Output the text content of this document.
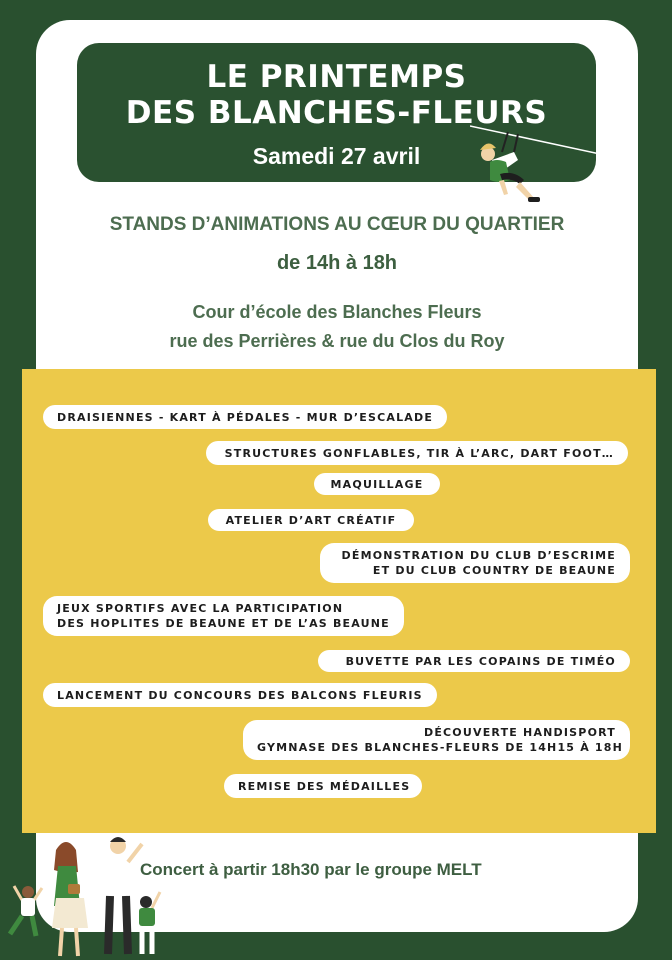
LE PRINTEMPS
DES BLANCHES-FLEURS
Samedi 27 avril
STANDS D’ANIMATIONS AU CŒUR DU QUARTIER
de 14h à 18h
Cour d’école des Blanches Fleurs
rue des Perrières & rue du Clos du Roy
DRAISIENNES - KART À PÉDALES - MUR D’ESCALADE
STRUCTURES GONFLABLES, TIR À L’ARC, DART FOOT…
MAQUILLAGE
ATELIER D’ART CRÉATIF
DÉMONSTRATION DU CLUB D’ESCRIME
ET DU CLUB COUNTRY DE BEAUNE
JEUX SPORTIFS AVEC LA PARTICIPATION
DES HOPLITES DE BEAUNE ET DE L’AS BEAUNE
BUVETTE PAR LES COPAINS DE TIMÉO
LANCEMENT DU CONCOURS DES BALCONS FLEURIS
DÉCOUVERTE HANDISPORT
GYMNASE DES BLANCHES-FLEURS DE 14H15 À 18H
REMISE DES MÉDAILLES
Concert à partir 18h30 par le groupe MELT
